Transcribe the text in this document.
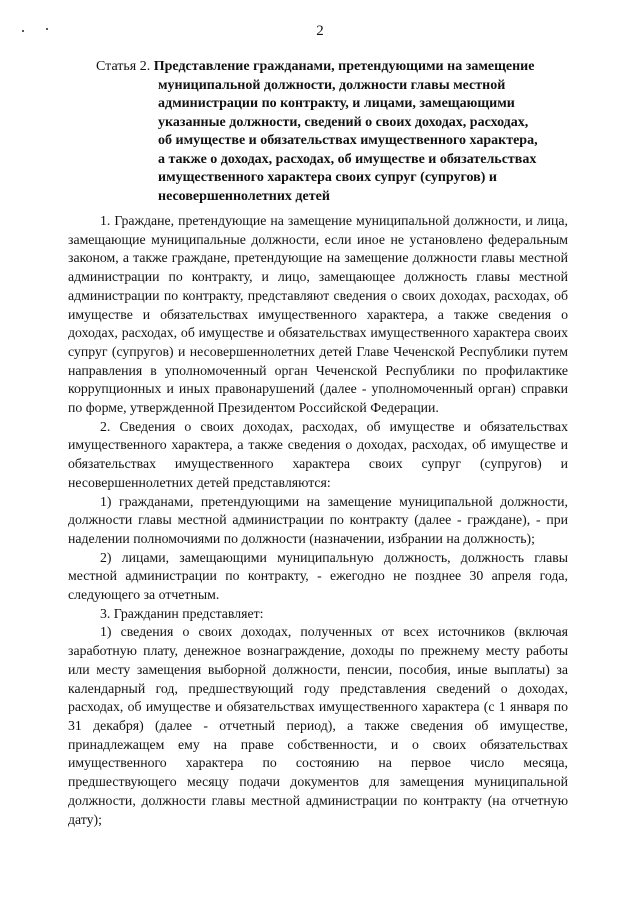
2
Статья 2. Представление гражданами, претендующими на замещение
муниципальной должности, должности главы местной
администрации по контракту, и лицами, замещающими
указанные должности, сведений о своих доходах, расходах,
об имуществе и обязательствах имущественного характера,
а также о доходах, расходах, об имуществе и обязательствах
имущественного характера своих супруг (супругов) и
несовершеннолетних детей

1. Граждане, претендующие на замещение муниципальной должности, и лица, замещающие муниципальные должности, если иное не установлено федеральным законом, а также граждане, претендующие на замещение должности главы местной администрации по контракту, и лицо, замещающее должность главы местной администрации по контракту, представляют сведения о своих доходах, расходах, об имуществе и обязательствах имущественного характера, а также сведения о доходах, расходах, об имуществе и обязательствах имущественного характера своих супруг (супругов) и несовершеннолетних детей Главе Чеченской Республики путем направления в уполномоченный орган Чеченской Республики по профилактике коррупционных и иных правонарушений (далее - уполномоченный орган) справки по форме, утвержденной Президентом Российской Федерации.

2. Сведения о своих доходах, расходах, об имуществе и обязательствах имущественного характера, а также сведения о доходах, расходах, об имуществе и обязательствах имущественного характера своих супруг (супругов) и несовершеннолетних детей представляются:

1) гражданами, претендующими на замещение муниципальной должности, должности главы местной администрации по контракту (далее - граждане), - при наделении полномочиями по должности (назначении, избрании на должность);

2) лицами, замещающими муниципальную должность, должность главы местной администрации по контракту, - ежегодно не позднее 30 апреля года, следующего за отчетным.

3. Гражданин представляет:

1) сведения о своих доходах, полученных от всех источников (включая заработную плату, денежное вознаграждение, доходы по прежнему месту работы или месту замещения выборной должности, пенсии, пособия, иные выплаты) за календарный год, предшествующий году представления сведений о доходах, расходах, об имуществе и обязательствах имущественного характера (с 1 января по 31 декабря) (далее - отчетный период), а также сведения об имуществе, принадлежащем ему на праве собственности, и о своих обязательствах имущественного характера по состоянию на первое число месяца, предшествующего месяцу подачи документов для замещения муниципальной должности, должности главы местной администрации по контракту (на отчетную дату);
